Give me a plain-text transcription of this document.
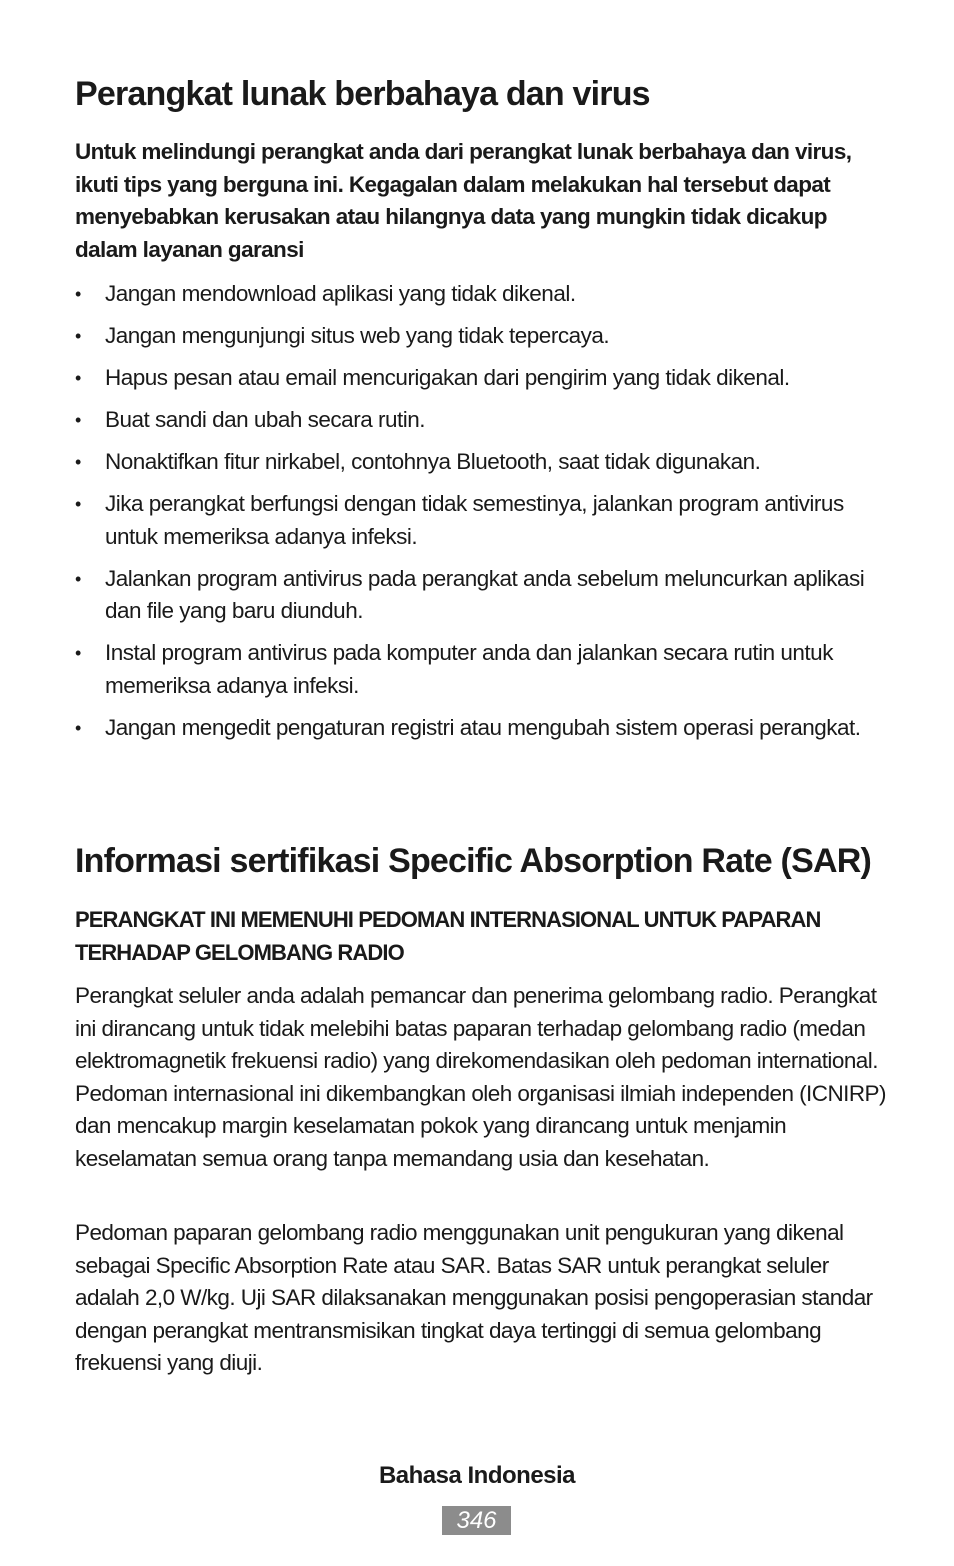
Perangkat lunak berbahaya dan virus

Untuk melindungi perangkat anda dari perangkat lunak berbahaya dan virus, ikuti tips yang berguna ini. Kegagalan dalam melakukan hal tersebut dapat menyebabkan kerusakan atau hilangnya data yang mungkin tidak dicakup dalam layanan garansi

• Jangan mendownload aplikasi yang tidak dikenal.
• Jangan mengunjungi situs web yang tidak tepercaya.
• Hapus pesan atau email mencurigakan dari pengirim yang tidak dikenal.
• Buat sandi dan ubah secara rutin.
• Nonaktifkan fitur nirkabel, contohnya Bluetooth, saat tidak digunakan.
• Jika perangkat berfungsi dengan tidak semestinya, jalankan program antivirus untuk memeriksa adanya infeksi.
• Jalankan program antivirus pada perangkat anda sebelum meluncurkan aplikasi dan file yang baru diunduh.
• Instal program antivirus pada komputer anda dan jalankan secara rutin untuk memeriksa adanya infeksi.
• Jangan mengedit pengaturan registri atau mengubah sistem operasi perangkat.
Informasi sertifikasi Specific Absorption Rate (SAR)

PERANGKAT INI MEMENUHI PEDOMAN INTERNASIONAL UNTUK PAPARAN TERHADAP GELOMBANG RADIO

Perangkat seluler anda adalah pemancar dan penerima gelombang radio. Perangkat ini dirancang untuk tidak melebihi batas paparan terhadap gelombang radio (medan elektromagnetik frekuensi radio) yang direkomendasikan oleh pedoman international. Pedoman internasional ini dikembangkan oleh organisasi ilmiah independen (ICNIRP) dan mencakup margin keselamatan pokok yang dirancang untuk menjamin keselamatan semua orang tanpa memandang usia dan kesehatan.

Pedoman paparan gelombang radio menggunakan unit pengukuran yang dikenal sebagai Specific Absorption Rate atau SAR. Batas SAR untuk perangkat seluler adalah 2,0 W/kg. Uji SAR dilaksanakan menggunakan posisi pengoperasian standar dengan perangkat mentransmisikan tingkat daya tertinggi di semua gelombang frekuensi yang diuji.

Bahasa Indonesia
346
